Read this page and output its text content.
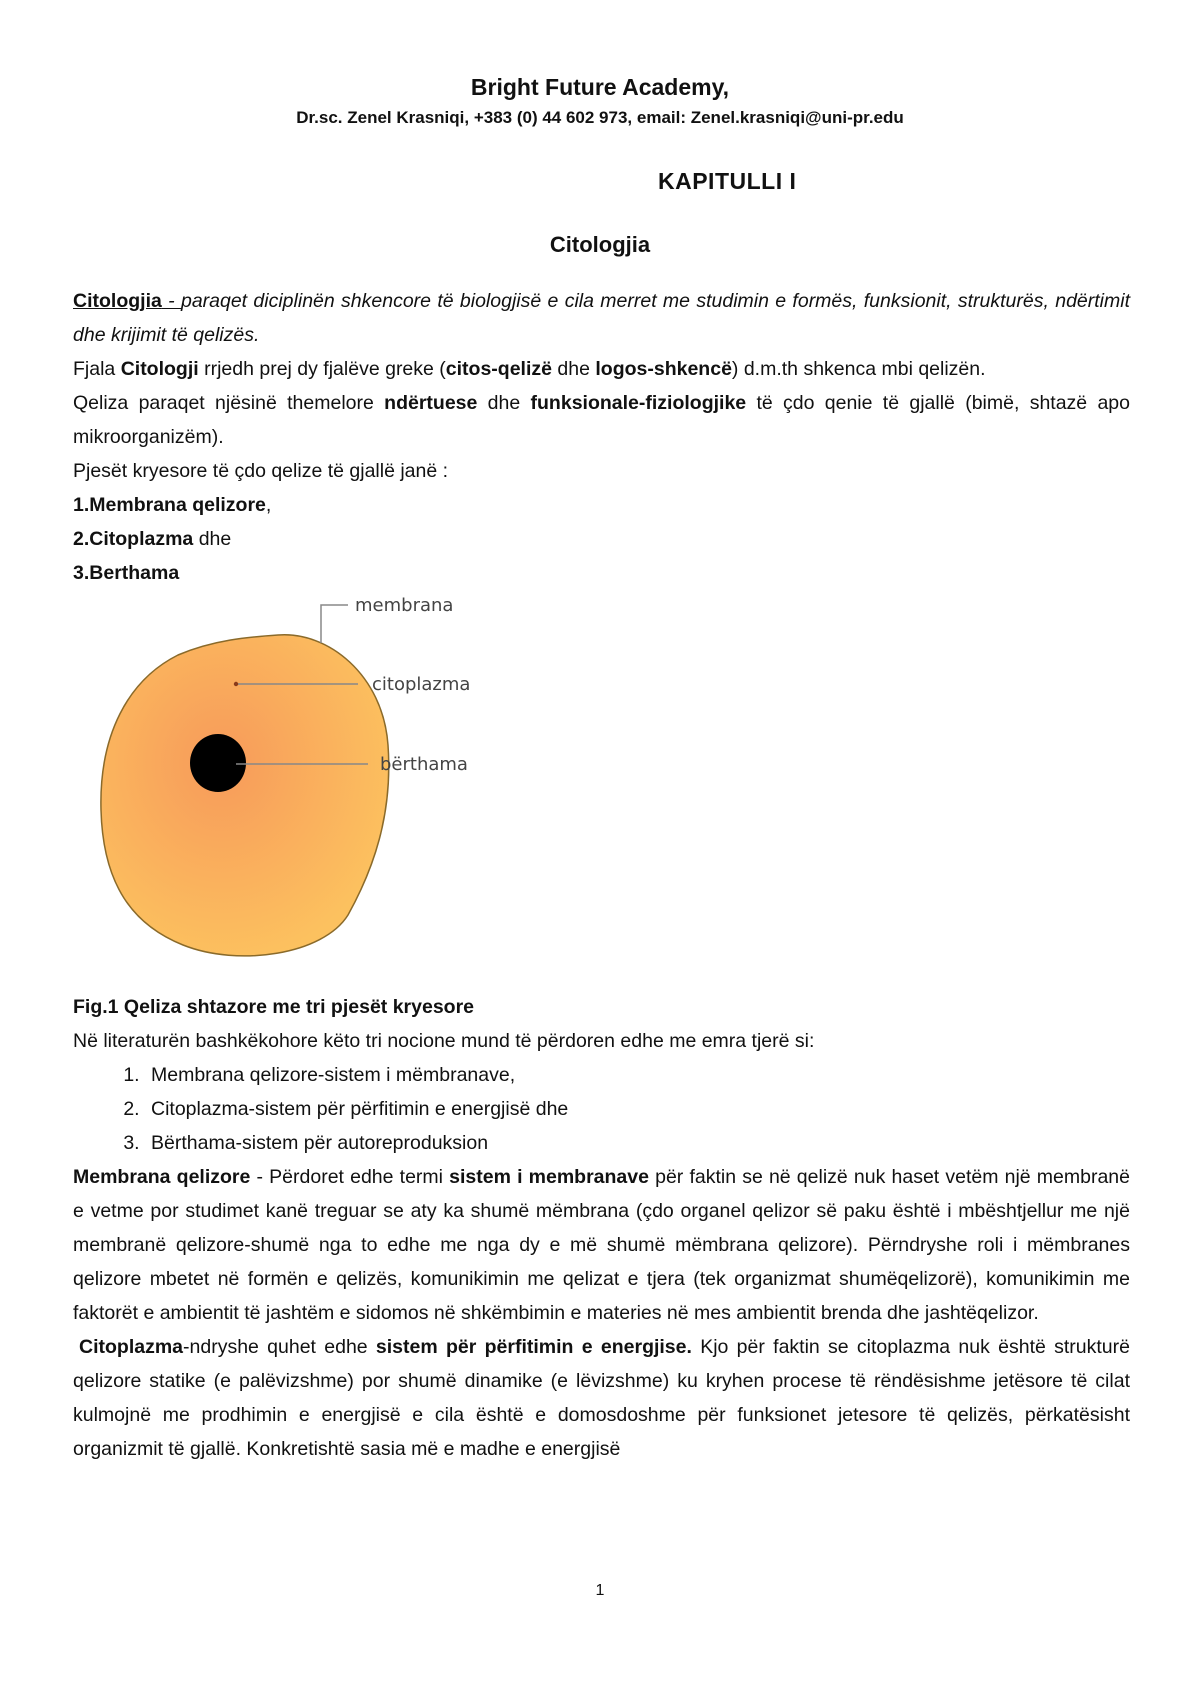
Bright Future Academy,
Dr.sc. Zenel Krasniqi, +383 (0) 44 602 973, email: Zenel.krasniqi@uni-pr.edu
KAPITULLI I
Citologjia

Citologjia - paraqet diciplinën shkencore të biologjisë e cila merret me studimin e formës, funksionit, strukturës, ndërtimit dhe krijimit të qelizës.

Fjala Citologji rrjedh prej dy fjalëve greke (citos-qelizë dhe logos-shkencë) d.m.th shkenca mbi qelizën.

Qeliza paraqet njësinë themelore ndërtuese dhe funksionale-fiziologjike të çdo qenie të gjallë (bimë, shtazë apo mikroorganizëm).

Pjesët kryesore të çdo qelize të gjallë janë :

1.Membrana qelizore,

2.Citoplazma dhe

3.Berthama

membrana
citoplazma
bërthama

Fig.1 Qeliza shtazore me tri pjesët kryesore

Në literaturën bashkëkohore këto tri nocione mund të përdoren edhe me emra tjerë si:

1. Membrana qelizore-sistem i mëmbranave,
2. Citoplazma-sistem për përfitimin e energjisë dhe
3. Bërthama-sistem për autoreproduksion

Membrana qelizore - Përdoret edhe termi sistem i membranave për faktin se në qelizë nuk haset vetëm një membranë e vetme por studimet kanë treguar se aty ka shumë mëmbrana (çdo organel qelizor së paku është i mbështjellur me një membranë qelizore-shumë nga to edhe me nga dy e më shumë mëmbrana qelizore). Përndryshe roli i mëmbranes qelizore mbetet në formën e qelizës, komunikimin me qelizat e tjera (tek organizmat shumëqelizorë), komunikimin me faktorët e ambientit të jashtëm e sidomos në shkëmbimin e materies në mes ambientit brenda dhe jashtëqelizor.

Citoplazma-ndryshe quhet edhe sistem për përfitimin e energjise. Kjo për faktin se citoplazma nuk është strukturë qelizore statike (e palëvizshme) por shumë dinamike (e lëvizshme) ku kryhen procese të rëndësishme jetësore të cilat kulmojnë me prodhimin e energjisë e cila është e domosdoshme për funksionet jetesore të qelizës, përkatësisht organizmit të gjallë. Konkretishtë sasia më e madhe e energjisë

1
